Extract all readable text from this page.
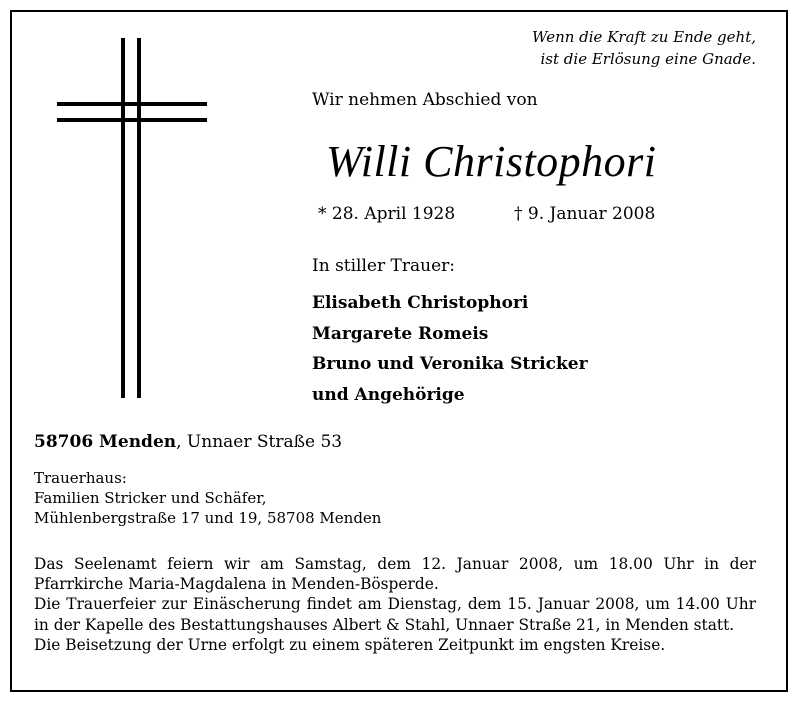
Wenn die Kraft zu Ende geht,
ist die Erlösung eine Gnade.
Wir nehmen Abschied von
Willi Christophori
* 28. April 1928	† 9. Januar 2008
In stiller Trauer:
Elisabeth Christophori
Margarete Romeis
Bruno und Veronika Stricker
und Angehörige
58706 Menden, Unnaer Straße 53
Trauerhaus:
Familien Stricker und Schäfer,
Mühlenbergstraße 17 und 19, 58708 Menden

Das Seelenamt feiern wir am Samstag, dem 12. Januar 2008, um 18.00 Uhr in der Pfarrkirche Maria-Magdalena in Menden-Bösperde.

Die Trauerfeier zur Einäscherung findet am Dienstag, dem 15. Januar 2008, um 14.00 Uhr in der Kapelle des Bestattungshauses Albert & Stahl, Unnaer Straße 21, in Menden statt.

Die Beisetzung der Urne erfolgt zu einem späteren Zeitpunkt im engsten Kreise.
